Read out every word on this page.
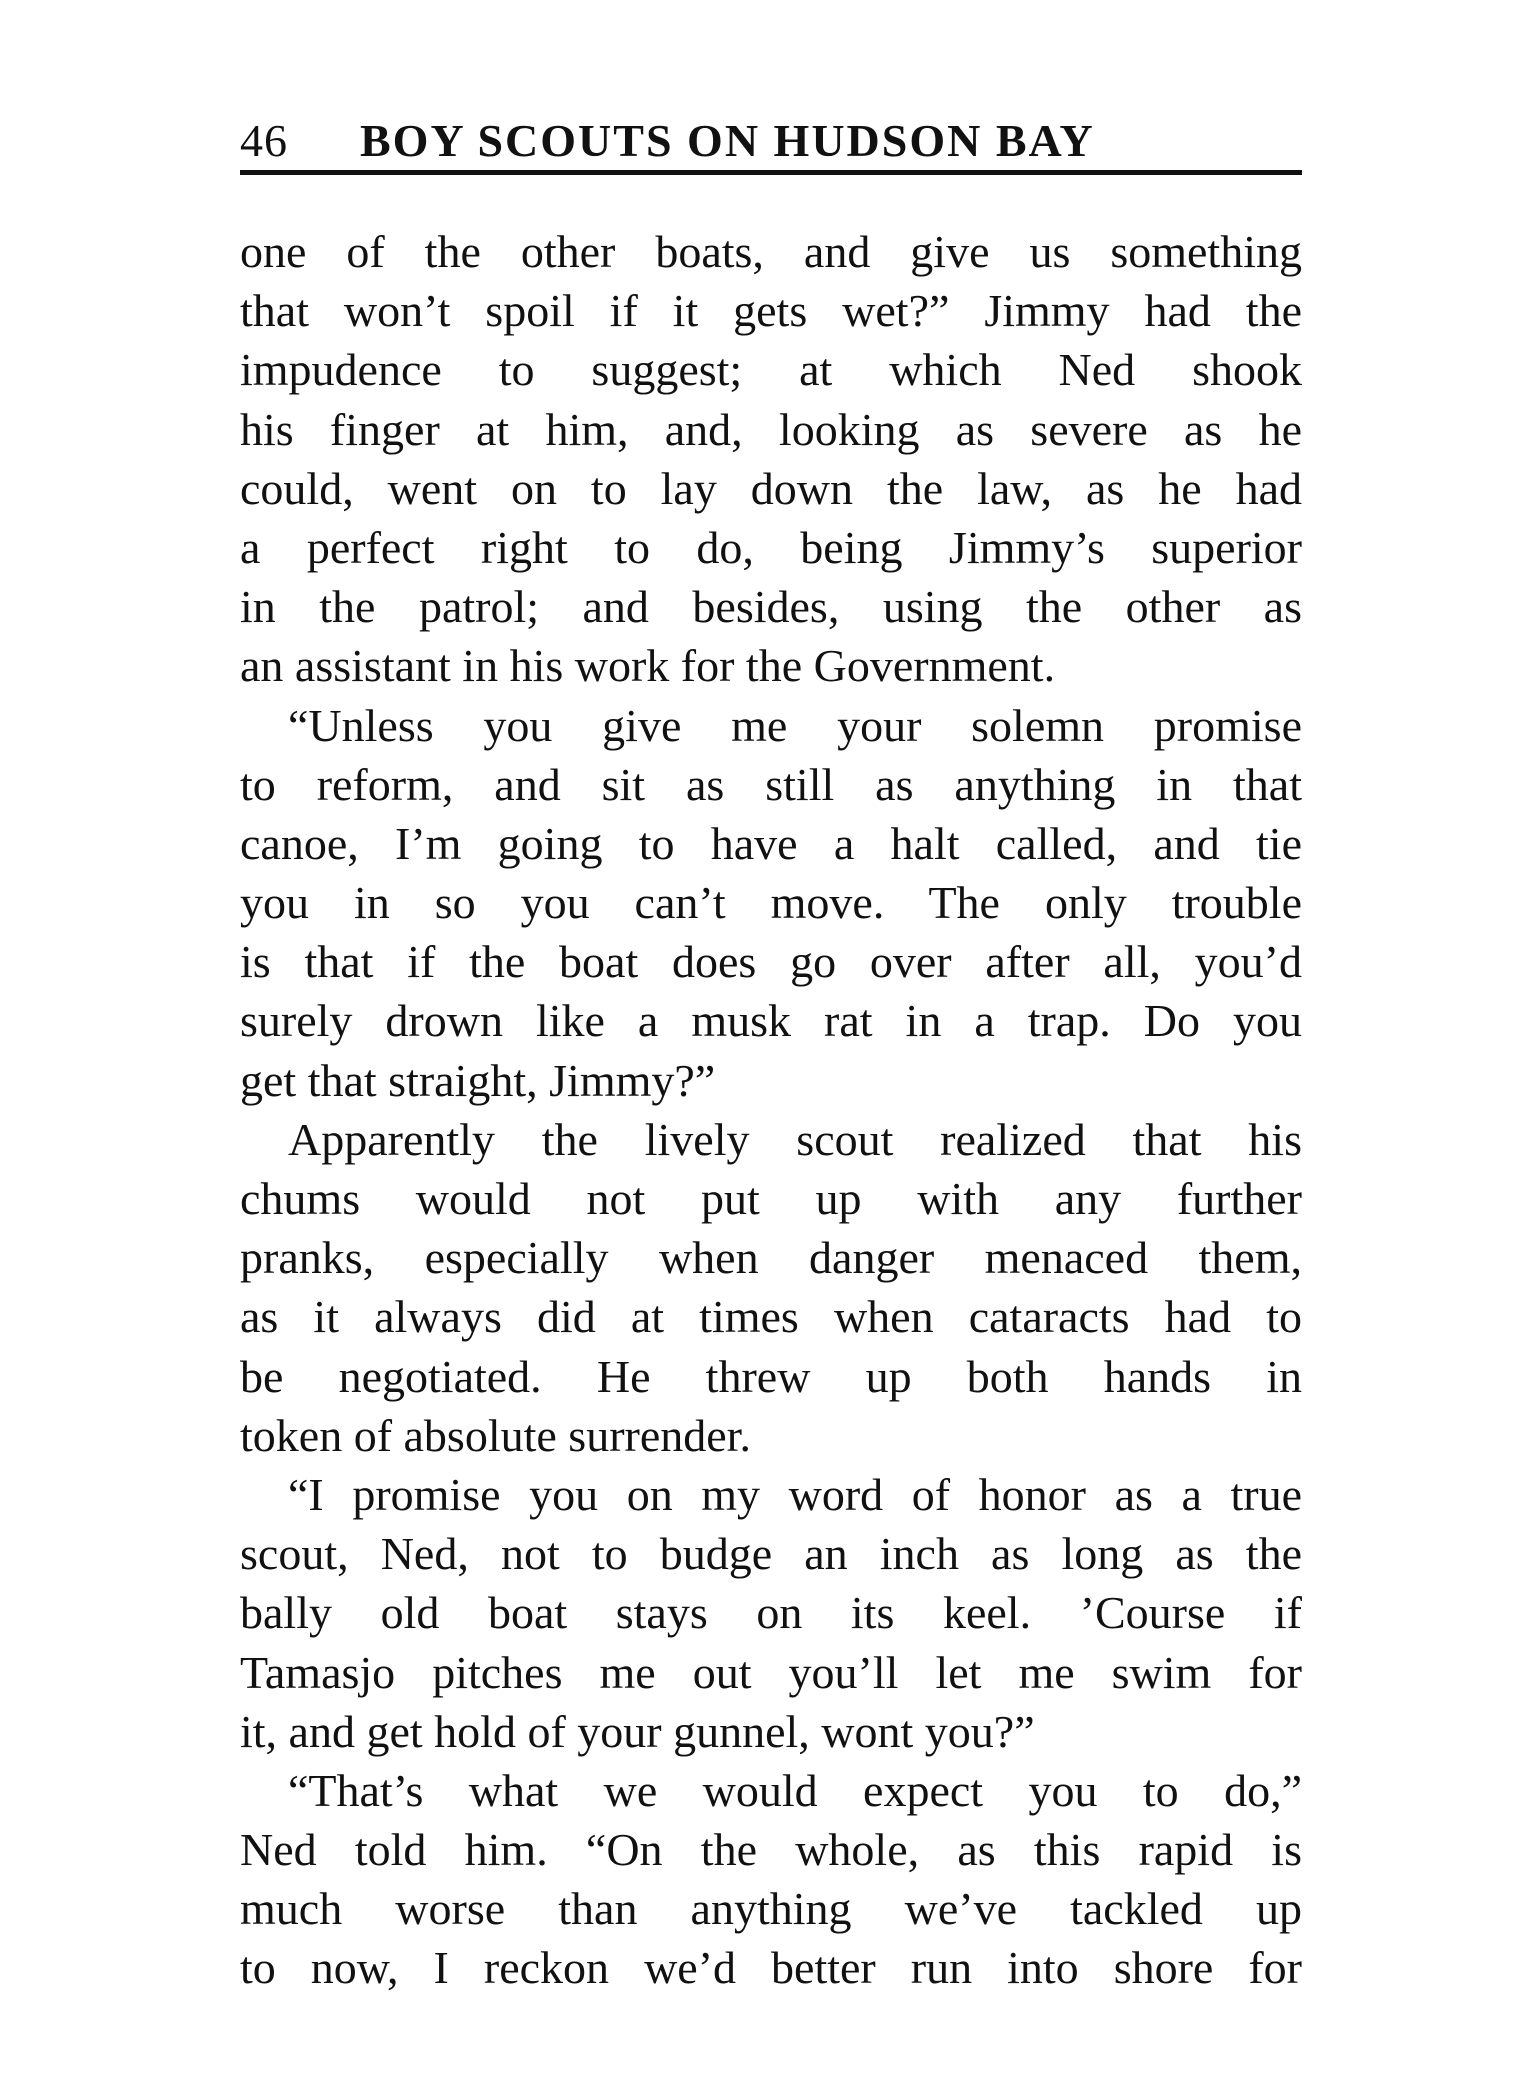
46 BOY SCOUTS ON HUDSON BAY
one of the other boats, and give us something
that won’t spoil if it gets wet?” Jimmy had the
impudence to suggest; at which Ned shook
his finger at him, and, looking as severe as he
could, went on to lay down the law, as he had
a perfect right to do, being Jimmy’s superior
in the patrol; and besides, using the other as
an assistant in his work for the Government.
“Unless you give me your solemn promise
to reform, and sit as still as anything in that
canoe, I’m going to have a halt called, and tie
you in so you can’t move. The only trouble
is that if the boat does go over after all, you’d
surely drown like a musk rat in a trap. Do you
get that straight, Jimmy?”
Apparently the lively scout realized that his
chums would not put up with any further
pranks, especially when danger menaced them,
as it always did at times when cataracts had to
be negotiated. He threw up both hands in
token of absolute surrender.
“I promise you on my word of honor as a true
scout, Ned, not to budge an inch as long as the
bally old boat stays on its keel. ’Course if
Tamasjo pitches me out you’ll let me swim for
it, and get hold of your gunnel, wont you?”
“That’s what we would expect you to do,”
Ned told him. “On the whole, as this rapid is
much worse than anything we’ve tackled up
to now, I reckon we’d better run into shore for
